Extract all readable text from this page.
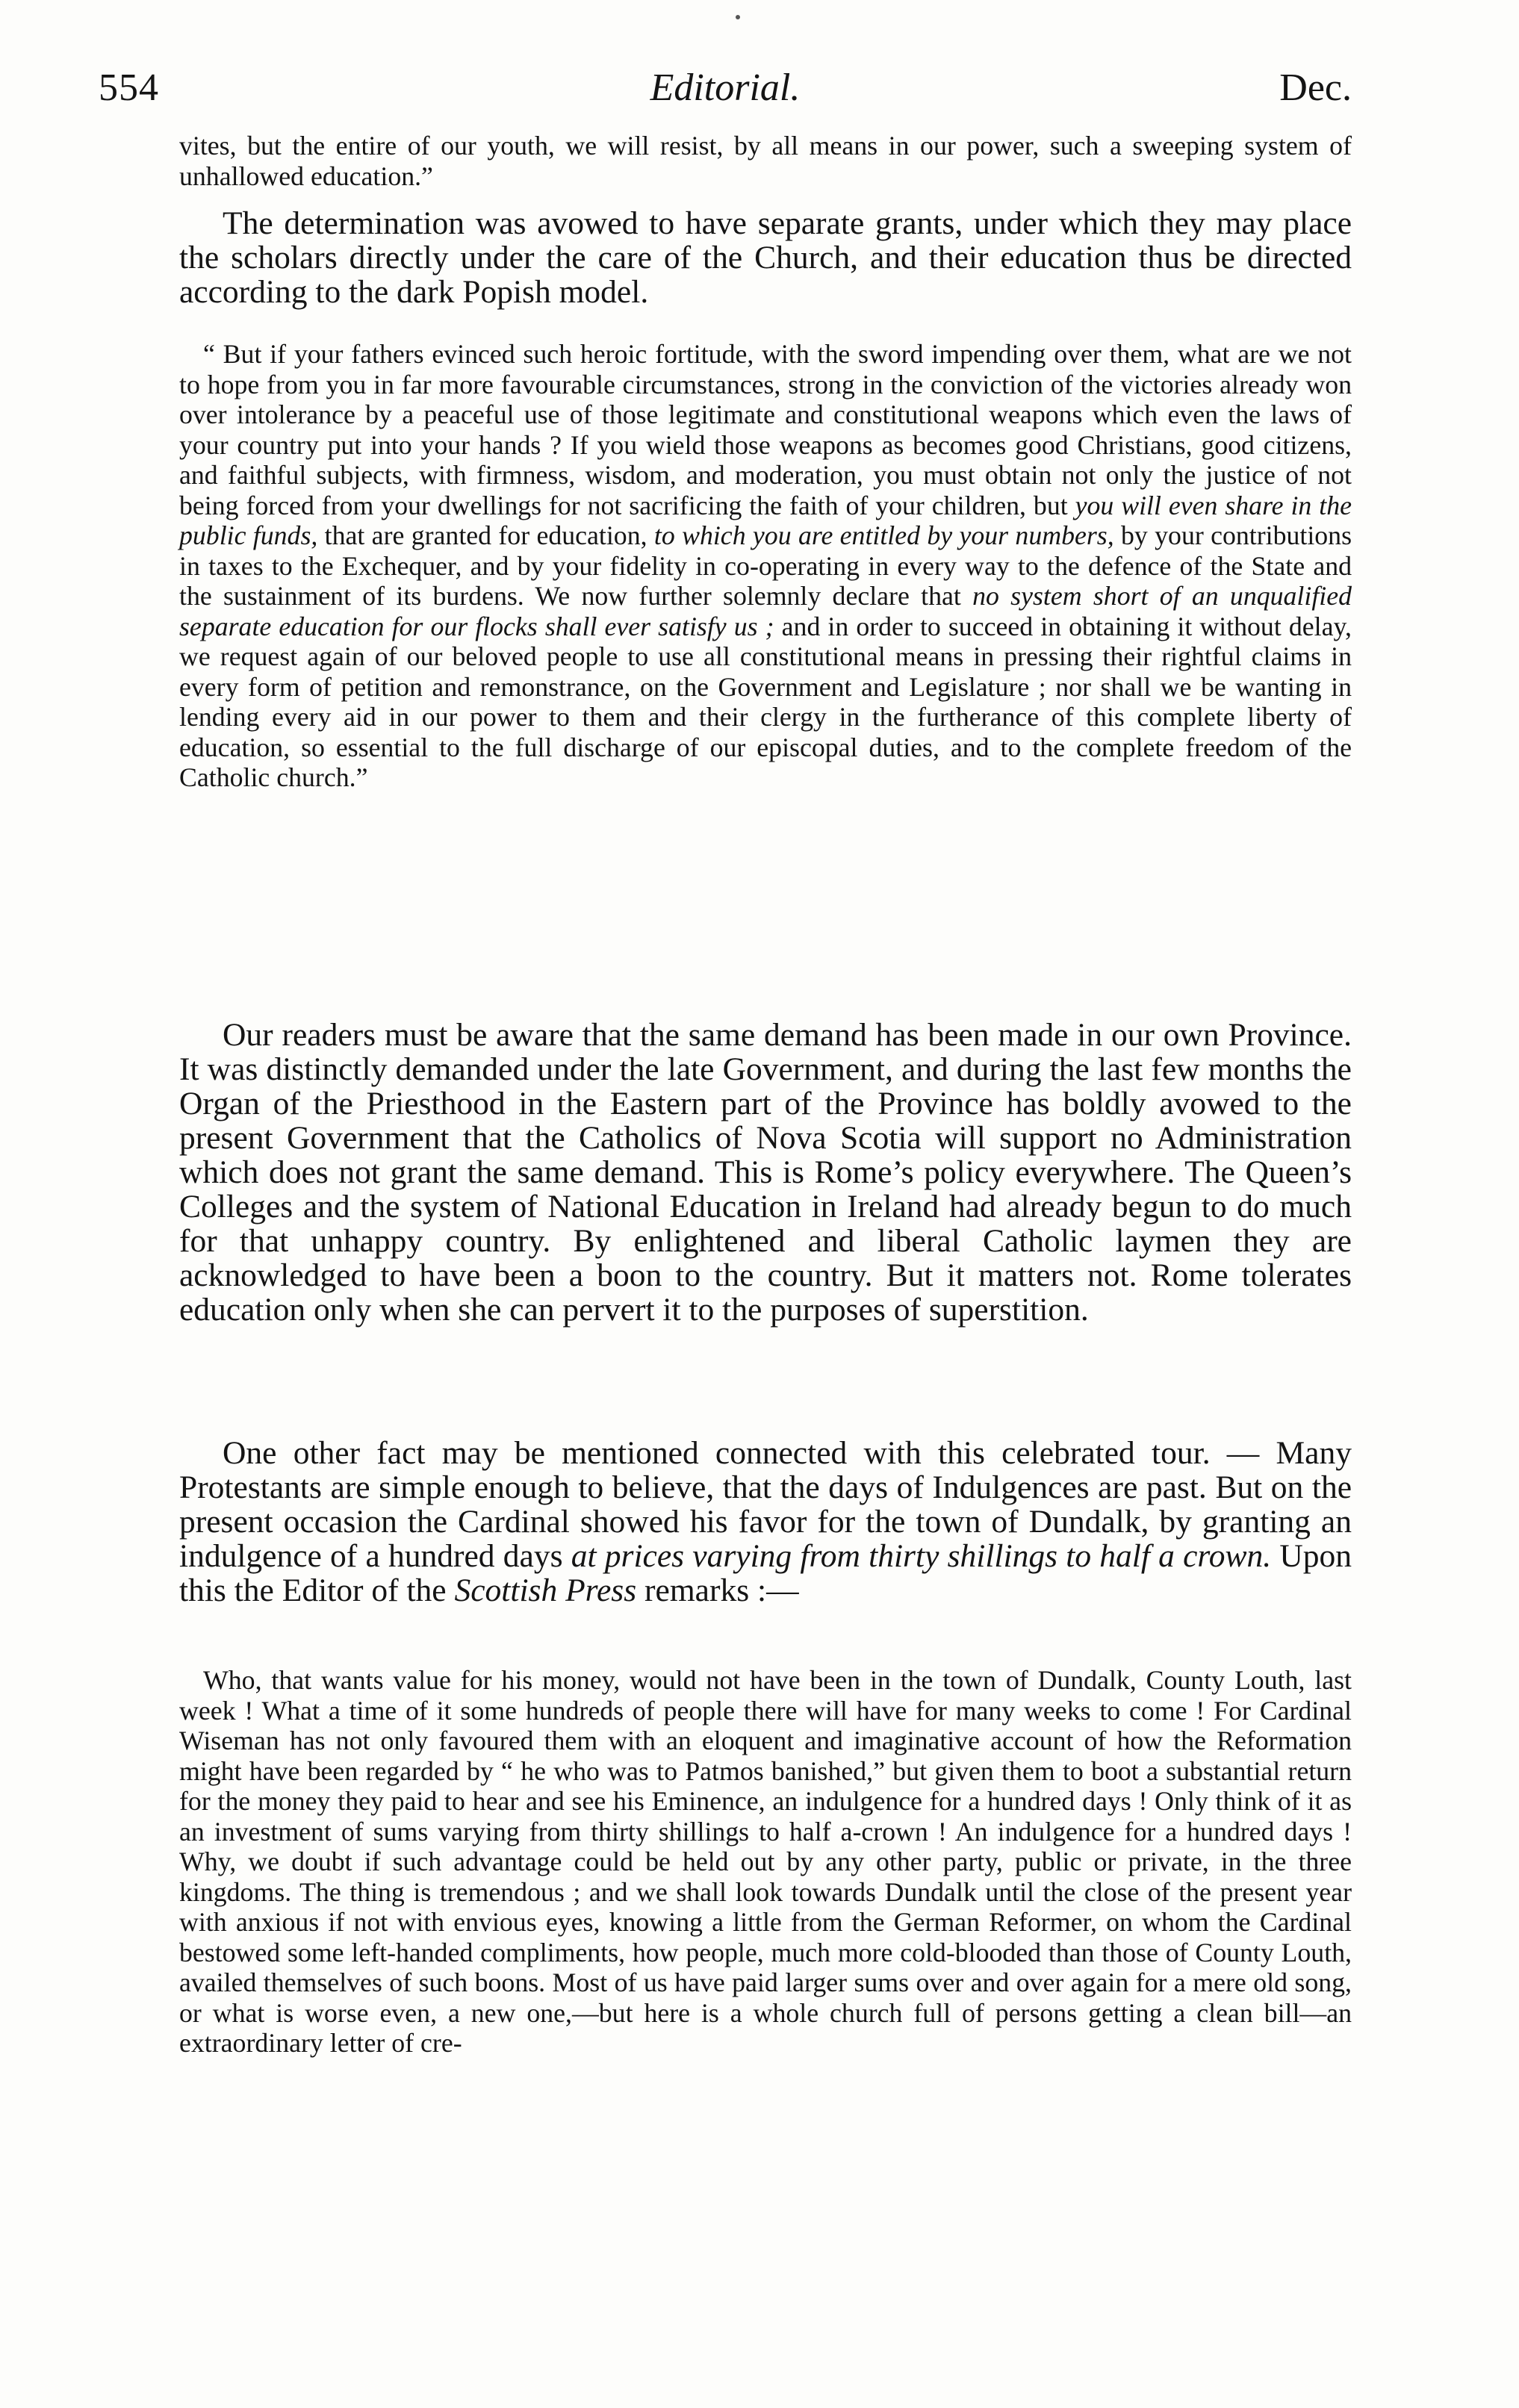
Editorial.
554	Dec.

vites, but the entire of our youth, we will resist, by all means in our power, such a sweeping system of unhallowed education.”

The determination was avowed to have separate grants, under which they may place the scholars directly under the care of the Church, and their education thus be directed according to the dark Popish model.

“ But if your fathers evinced such heroic fortitude, with the sword impending over them, what are we not to hope from you in far more favourable circumstances, strong in the conviction of the victories already won over intolerance by a peaceful use of those legitimate and constitutional weapons which even the laws of your country put into your hands ? If you wield those weapons as becomes good Christians, good citizens, and faithful subjects, with firmness, wisdom, and moderation, you must obtain not only the justice of not being forced from your dwellings for not sacrificing the faith of your children, but you will even share in the public funds, that are granted for education, to which you are entitled by your numbers, by your contributions in taxes to the Exchequer, and by your fidelity in co-operating in every way to the defence of the State and the sustainment of its burdens. We now further solemnly declare that no system short of an unqualified separate education for our flocks shall ever satisfy us ; and in order to succeed in obtaining it without delay, we request again of our beloved people to use all constitutional means in pressing their rightful claims in every form of petition and remonstrance, on the Government and Legislature ; nor shall we be wanting in lending every aid in our power to them and their clergy in the furtherance of this complete liberty of education, so essential to the full discharge of our episcopal duties, and to the complete freedom of the Catholic church.”

Our readers must be aware that the same demand has been made in our own Province. It was distinctly demanded under the late Government, and during the last few months the Organ of the Priesthood in the Eastern part of the Province has boldly avowed to the present Government that the Catholics of Nova Scotia will support no Administration which does not grant the same demand. This is Rome’s policy everywhere. The Queen’s Colleges and the system of National Education in Ireland had already begun to do much for that unhappy country. By enlightened and liberal Catholic laymen they are acknowledged to have been a boon to the country. But it matters not. Rome tolerates education only when she can pervert it to the purposes of superstition.

One other fact may be mentioned connected with this celebrated tour. — Many Protestants are simple enough to believe, that the days of Indulgences are past. But on the present occasion the Cardinal showed his favor for the town of Dundalk, by granting an indulgence of a hundred days at prices varying from thirty shillings to half a crown. Upon this the Editor of the Scottish Press remarks :—

Who, that wants value for his money, would not have been in the town of Dundalk, County Louth, last week ! What a time of it some hundreds of people there will have for many weeks to come ! For Cardinal Wiseman has not only favoured them with an eloquent and imaginative account of how the Reformation might have been regarded by “ he who was to Patmos banished,” but given them to boot a substantial return for the money they paid to hear and see his Eminence, an indulgence for a hundred days ! Only think of it as an investment of sums varying from thirty shillings to half a-crown ! An indulgence for a hundred days ! Why, we doubt if such advantage could be held out by any other party, public or private, in the three kingdoms. The thing is tremendous ; and we shall look towards Dundalk until the close of the present year with anxious if not with envious eyes, knowing a little from the German Reformer, on whom the Cardinal bestowed some left-handed compliments, how people, much more cold-blooded than those of County Louth, availed themselves of such boons. Most of us have paid larger sums over and over again for a mere old song, or what is worse even, a new one,—but here is a whole church full of persons getting a clean bill—an extraordinary letter of cre-
